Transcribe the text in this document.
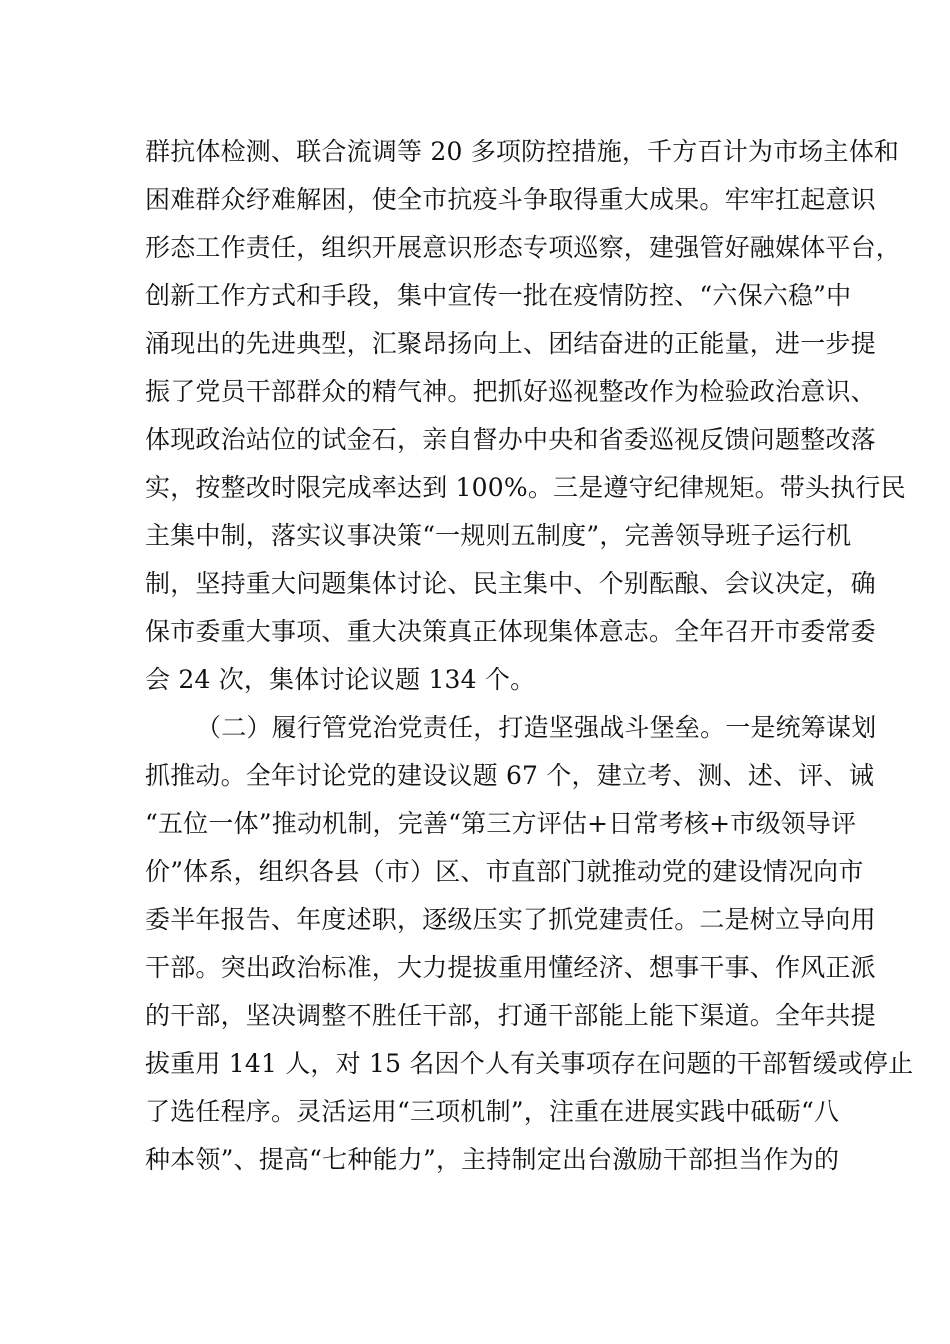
群抗体检测、联合流调等 20 多项防控措施，千方百计为市场主体和
困难群众纾难解困，使全市抗疫斗争取得重大成果。牢牢扛起意识
形态工作责任，组织开展意识形态专项巡察，建强管好融媒体平台，
创新工作方式和手段，集中宣传一批在疫情防控、“六保六稳”中
涌现出的先进典型，汇聚昂扬向上、团结奋进的正能量，进一步提
振了党员干部群众的精气神。把抓好巡视整改作为检验政治意识、
体现政治站位的试金石，亲自督办中央和省委巡视反馈问题整改落
实，按整改时限完成率达到 100%。三是遵守纪律规矩。带头执行民
主集中制，落实议事决策“一规则五制度”，完善领导班子运行机
制，坚持重大问题集体讨论、民主集中、个别酝酿、会议决定，确
保市委重大事项、重大决策真正体现集体意志。全年召开市委常委
会 24 次，集体讨论议题 134 个。
（二）履行管党治党责任，打造坚强战斗堡垒。一是统筹谋划
抓推动。全年讨论党的建设议题 67 个，建立考、测、述、评、诫
“五位一体”推动机制，完善“第三方评估+日常考核+市级领导评
价”体系，组织各县（市）区、市直部门就推动党的建设情况向市
委半年报告、年度述职，逐级压实了抓党建责任。二是树立导向用
干部。突出政治标准，大力提拔重用懂经济、想事干事、作风正派
的干部，坚决调整不胜任干部，打通干部能上能下渠道。全年共提
拔重用 141 人，对 15 名因个人有关事项存在问题的干部暂缓或停止
了选任程序。灵活运用“三项机制”，注重在进展实践中砥砺“八
种本领”、提高“七种能力”，主持制定出台激励干部担当作为的
